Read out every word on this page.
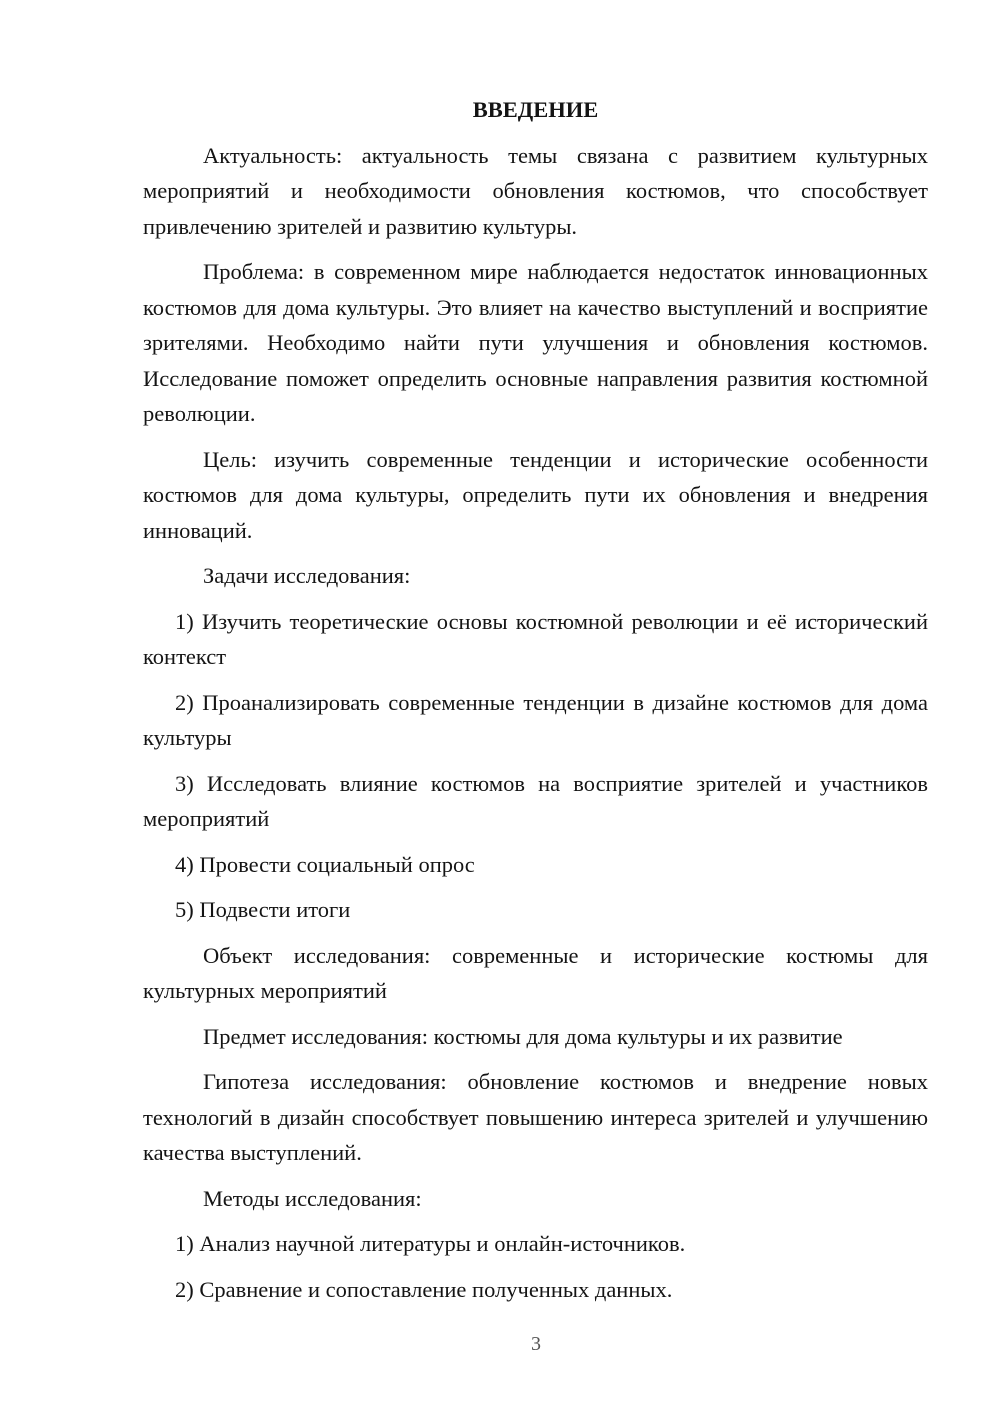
ВВЕДЕНИЕ

Актуальность: актуальность темы связана с развитием культурных мероприятий и необходимости обновления костюмов, что способствует привлечению зрителей и развитию культуры.

Проблема: в современном мире наблюдается недостаток инновационных костюмов для дома культуры. Это влияет на качество выступлений и восприятие зрителями. Необходимо найти пути улучшения и обновления костюмов. Исследование поможет определить основные направления развития костюмной революции.

Цель: изучить современные тенденции и исторические особенности костюмов для дома культуры, определить пути их обновления и внедрения инноваций.

Задачи исследования:

1) Изучить теоретические основы костюмной революции и её исторический контекст

2) Проанализировать современные тенденции в дизайне костюмов для дома культуры

3) Исследовать влияние костюмов на восприятие зрителей и участников мероприятий

4) Провести социальный опрос

5) Подвести итоги

Объект исследования: современные и исторические костюмы для культурных мероприятий

Предмет исследования: костюмы для дома культуры и их развитие

Гипотеза исследования: обновление костюмов и внедрение новых технологий в дизайн способствует повышению интереса зрителей и улучшению качества выступлений.

Методы исследования:

1) Анализ научной литературы и онлайн-источников.

2) Сравнение и сопоставление полученных данных.

3
